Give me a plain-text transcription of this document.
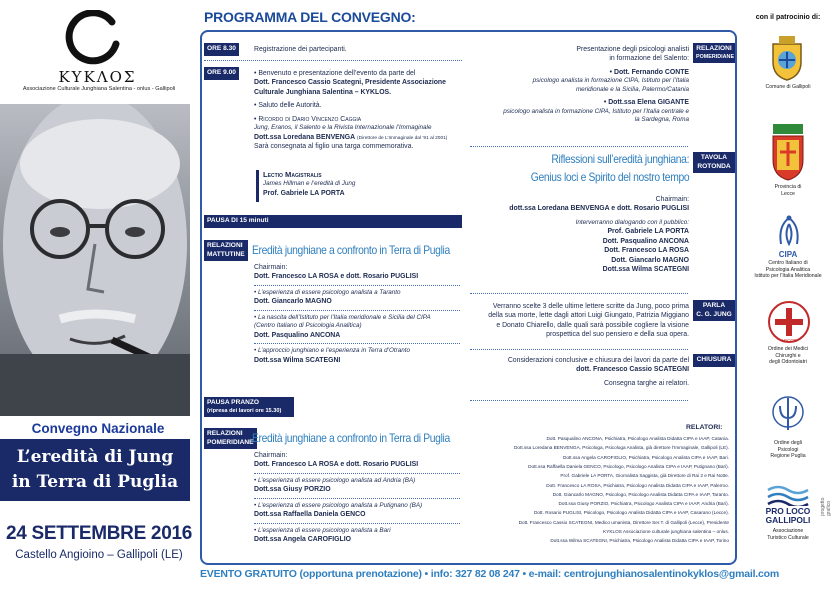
ΚΥΚΛΟΣ
Associazione Culturale Junghiana Salentina - onlus - Gallipoli
Convegno Nazionale
L’eredità di Jung
in Terra di Puglia
24 SETTEMBRE 2016
Castello Angioino – Gallipoli (LE)
PROGRAMMA DEL CONVEGNO:
ORE 8.30	Registrazione dei partecipanti.
ORE 9.00	• Benvenuto e presentazione dell’evento da parte del
Dott. Francesco Cassio Scategni, Presidente Associazione
Culturale Junghiana Salentina – KYKLOS.
• Saluto delle Autorità.
• Ricordo di Dario Vincenzo Caggia
Jung, Eranos, il Salento e la Rivista Internazionale l’Immaginale
Dott.ssa Loredana BENVENGA (Direttore de L’Immaginale dal ‘91 al 2001)
Sarà consegnata al figlio una targa commemorativa.
Lectio Magistralis
James Hillman e l’eredità di Jung
Prof. Gabriele LA PORTA
PAUSA DI 15 minuti
RELAZIONI
MATTUTINE Eredità junghiane a confronto in Terra di Puglia
Chairmain:
Dott. Francesco LA ROSA e dott. Rosario PUGLISI
• L’esperienza di essere psicologo analista a Taranto
Dott. Giancarlo MAGNO
• La nascita dell’Istituto per l’Italia meridionale e Sicilia del CIPA
(Centro Italiano di Psicologia Analitica)
Dott. Pasqualino ANCONA
• L’approccio junghiano e l’esperienza in Terra d’Otranto
Dott.ssa Wilma SCATEGNI
PAUSA PRANZO
(ripresa dei lavori ore 15.30)
RELAZIONI
POMERIDIANE
Eredità junghiane a confronto in Terra di Puglia
Chairmain:
Dott. Francesco LA ROSA e dott. Rosario PUGLISI
• L’esperienza di essere psicologo analista ad Andria (BA)
Dott.ssa Giusy PORZIO
• L’esperienza di essere psicologo analista a Putignano (BA)
Dott.ssa Raffaella Daniela GENCO
• L’esperienza di essere psicologo analista a Bari
Dott.ssa Angela CAROFIGLIO
RELAZIONI
POMERIDIANE
Presentazione degli psicologi analisti
in formazione del Salento:
• Dott. Fernando CONTE
psicologo analista in formazione CIPA, Istituto per l’Italia
meridionale e la Sicilia, Palermo/Catania
• Dott.ssa Elena GIGANTE
psicologo analista in formazione CIPA, Istituto per l’Italia centrale e
la Sardegna, Roma
TAVOLA
ROTONDA
Riflessioni sull’eredità junghiana:
Genius loci e Spirito del nostro tempo
Chairmain:
dott.ssa Loredana BENVENGA e dott. Rosario PUGLISI
Interverranno dialogando con il pubblico:
Prof. Gabriele LA PORTA
Dott. Pasqualino ANCONA
Dott. Francesco LA ROSA
Dott. Giancarlo MAGNO
Dott.ssa Wilma SCATEGNI
PARLA
C. G. JUNG
Verranno scelte 3 delle ultime lettere scritte da Jung, poco prima
della sua morte, lette dagli attori Luigi Giungato, Patrizia Miggiano
e Donato Chiarello, dalle quali sarà possibile cogliere la visione
prospettica del suo pensiero e della sua opera.
CHIUSURA
Considerazioni conclusive e chiusura dei lavori da parte del
dott. Francesco Cassio SCATEGNI
Consegna targhe ai relatori.
RELATORI:
Dott. Pasqualino ANCONA, Psichiatra, Psicologo Analista Didatta CIPA e IAAP, Catania.
Dott.ssa Loredana BENVENGA, Psicologa, Psicologa Analista, già direttore l’Immaginale, Gallipoli (LE).
Dott.ssa Angela CAROFIGLIO, Psichiatra, Psicologo Analista CIPA e IAAP, Bari.
Dott.ssa Raffaella Daniela GENCO, Psicologo, Psicologo Analista CIPA e IAAP, Putignano (Bari).
Prof. Gabriele LA PORTA, Giornalista Saggista, già Direttore di Rai 2 e Rai Notte.
Dott. Francesco LA ROSA, Psichiatra, Psicologo Analista Didatta CIPA e IAAP, Palermo.
Dott. Giancarlo MAGNO, Psicologo, Psicologo Analista Didatta CIPA e IAAP, Taranto.
Dott.ssa Giusy PORZIO, Psichiatra, Psicologo Analista CIPA e IAAP, Andria (Bari).
Dott. Rosario PUGLISI, Psicologo, Psicologo Analista Didatta CIPA e IAAP, Casarano (Lecce).
Dott. Francesco Cassio SCATEGNI, Medico umanista, Direttore Ser.T. di Gallipoli (Lecce), Presidente
KYKLOS Associazione culturale junghiana salentina – onlus.
Dott.ssa Wilma SCATEGNI, Psichiatra, Psicologo Analista Didatta CIPA e IAAP, Torino
con il patrocinio di:
Comune di Gallipoli
Provincia di
Lecce
CIPA
Centro Italiano di
Psicologia Analitica
Istituto per l’Italia Meridionale
LECCE
Ordine dei Medici
Chirurghi e
degli Odontoiatri
Ordine degli
Psicologi
Regione Puglia
PRO LOCO
GALLIPOLI
Associazione
Turistico Culturale
progetto grafico
EVENTO GRATUITO (opportuna prenotazione) • info: 327 82 08 247 • e-mail: centrojunghianosalentinokyklos@gmail.com
